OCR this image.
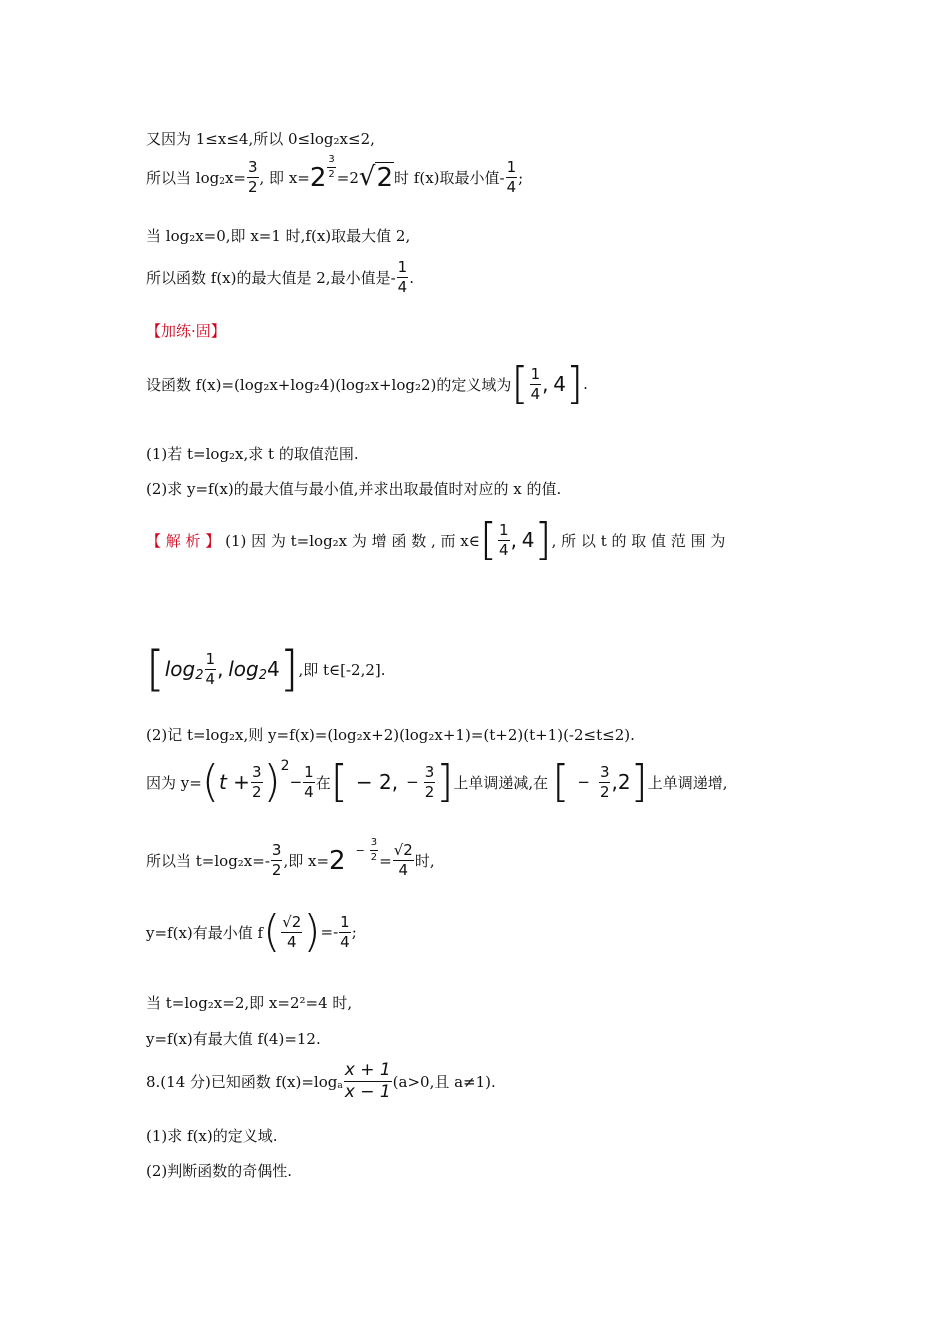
又因为 1≤x≤4,所以 0≤log₂x≤2,
所以当 log 2 $x= \frac{3}{2}$ , 即 $x= 2 \frac{3}{2} =2$ √ 2 时 f(x)取最小值- $\frac{1}{4}$ ;
当 log₂x=0,即 x=1 时,f(x)取最大值 2,
所以函数 f(x)的最大值是 2,最小值是- $\frac{1}{4}$ .
【加练·固】
设函数 f(x)=(log₂x+log₂4)(log₂x+log₂2)的定义域为 [ $\frac{1}{4}$ ,
4 ] .
(1)若 t=log₂x,求 t 的取值范围.
(2)求 y=f(x)的最大值与最小值,并求出取最值时对应的 x 的值.
【 解 析 】
(1) 因 为 t=log₂x 为 增 函 数 , 而 x∈ [ $\frac{1}{4}$ ,
4 ] , 所 以 t 的 取 值 范 围 为
[ $\log 2 \frac{1}{4}$ ,
log 2 4 ] ,即 t∈[-2,2].
(2)记 t=log₂x,则 y=f(x)=(log₂x+2)(log₂x+1)=(t+2)(t+1)(-2≤t≤2).
因为 y= ( $t + \frac{3}{2}$ ) 2
− $\frac{1}{4}$ 在 [ − 2, − $\frac{3}{2}$ ] 上单调递减,在 [ − $\frac{3}{2}$ , 2 ] 上单调递增,
所以当 $t=\log_2x=- \frac{3}{2}$ ,即 $x= 2 - \frac{3}{2} = \frac{√2}{4}$ 时,
y=f(x)有最小值 f ( $\frac{√2}{4}$ ) =- $\frac{1}{4}$ ;
当 t=log₂x=2,即 x=2²=4 时,
y=f(x)有最大值 f(4)=12.
8.(14 分)已知函数 f(x)=log a $\frac{x + 1}{x - 1} (a>0$,且 a≠1).
(1)求 f(x)的定义域.
(2)判断函数的奇偶性.
